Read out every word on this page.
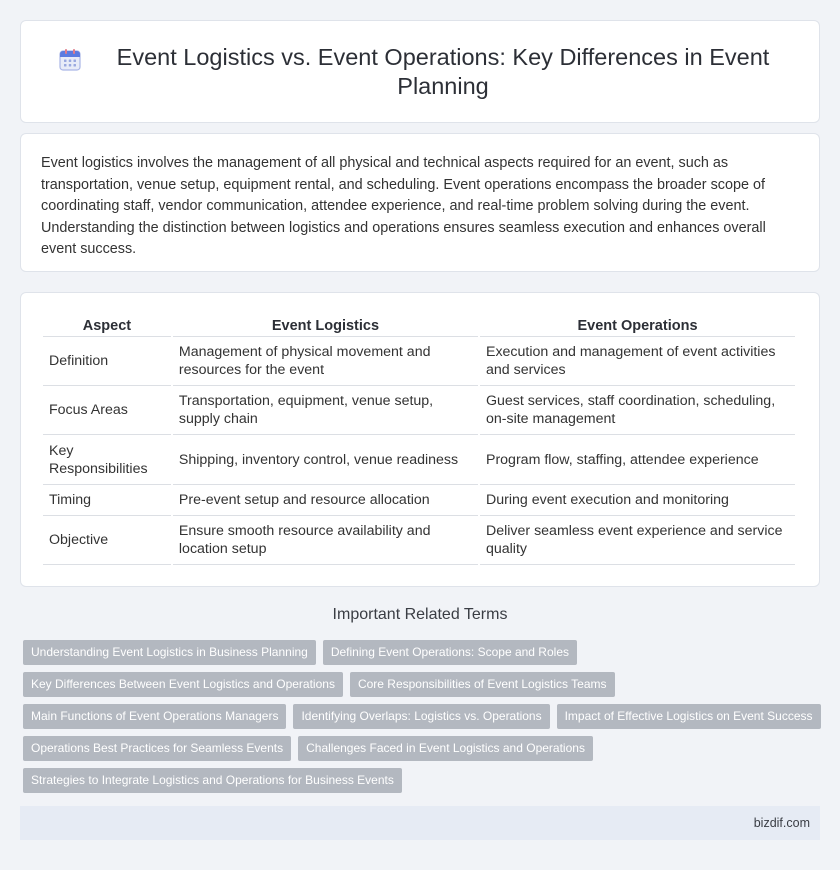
Event Logistics vs. Event Operations: Key Differences in Event Planning

Event logistics involves the management of all physical and technical aspects required for an event, such as transportation, venue setup, equipment rental, and scheduling. Event operations encompass the broader scope of coordinating staff, vendor communication, attendee experience, and real-time problem solving during the event. Understanding the distinction between logistics and operations ensures seamless execution and enhances overall event success.

Aspect	Event Logistics	Event Operations
Definition	Management of physical movement and resources for the event	Execution and management of event activities and services
Focus Areas	Transportation, equipment, venue setup, supply chain	Guest services, staff coordination, scheduling, on-site management
Key Responsibilities	Shipping, inventory control, venue readiness	Program flow, staffing, attendee experience
Timing	Pre-event setup and resource allocation	During event execution and monitoring
Objective	Ensure smooth resource availability and location setup	Deliver seamless event experience and service quality
Important Related Terms
Understanding Event Logistics in Business Planning	Defining Event Operations: Scope and Roles
Key Differences Between Event Logistics and Operations	Core Responsibilities of Event Logistics Teams
Main Functions of Event Operations Managers	Identifying Overlaps: Logistics vs. Operations	Impact of Effective Logistics on Event Success
Operations Best Practices for Seamless Events	Challenges Faced in Event Logistics and Operations
Strategies to Integrate Logistics and Operations for Business Events
bizdif.com
